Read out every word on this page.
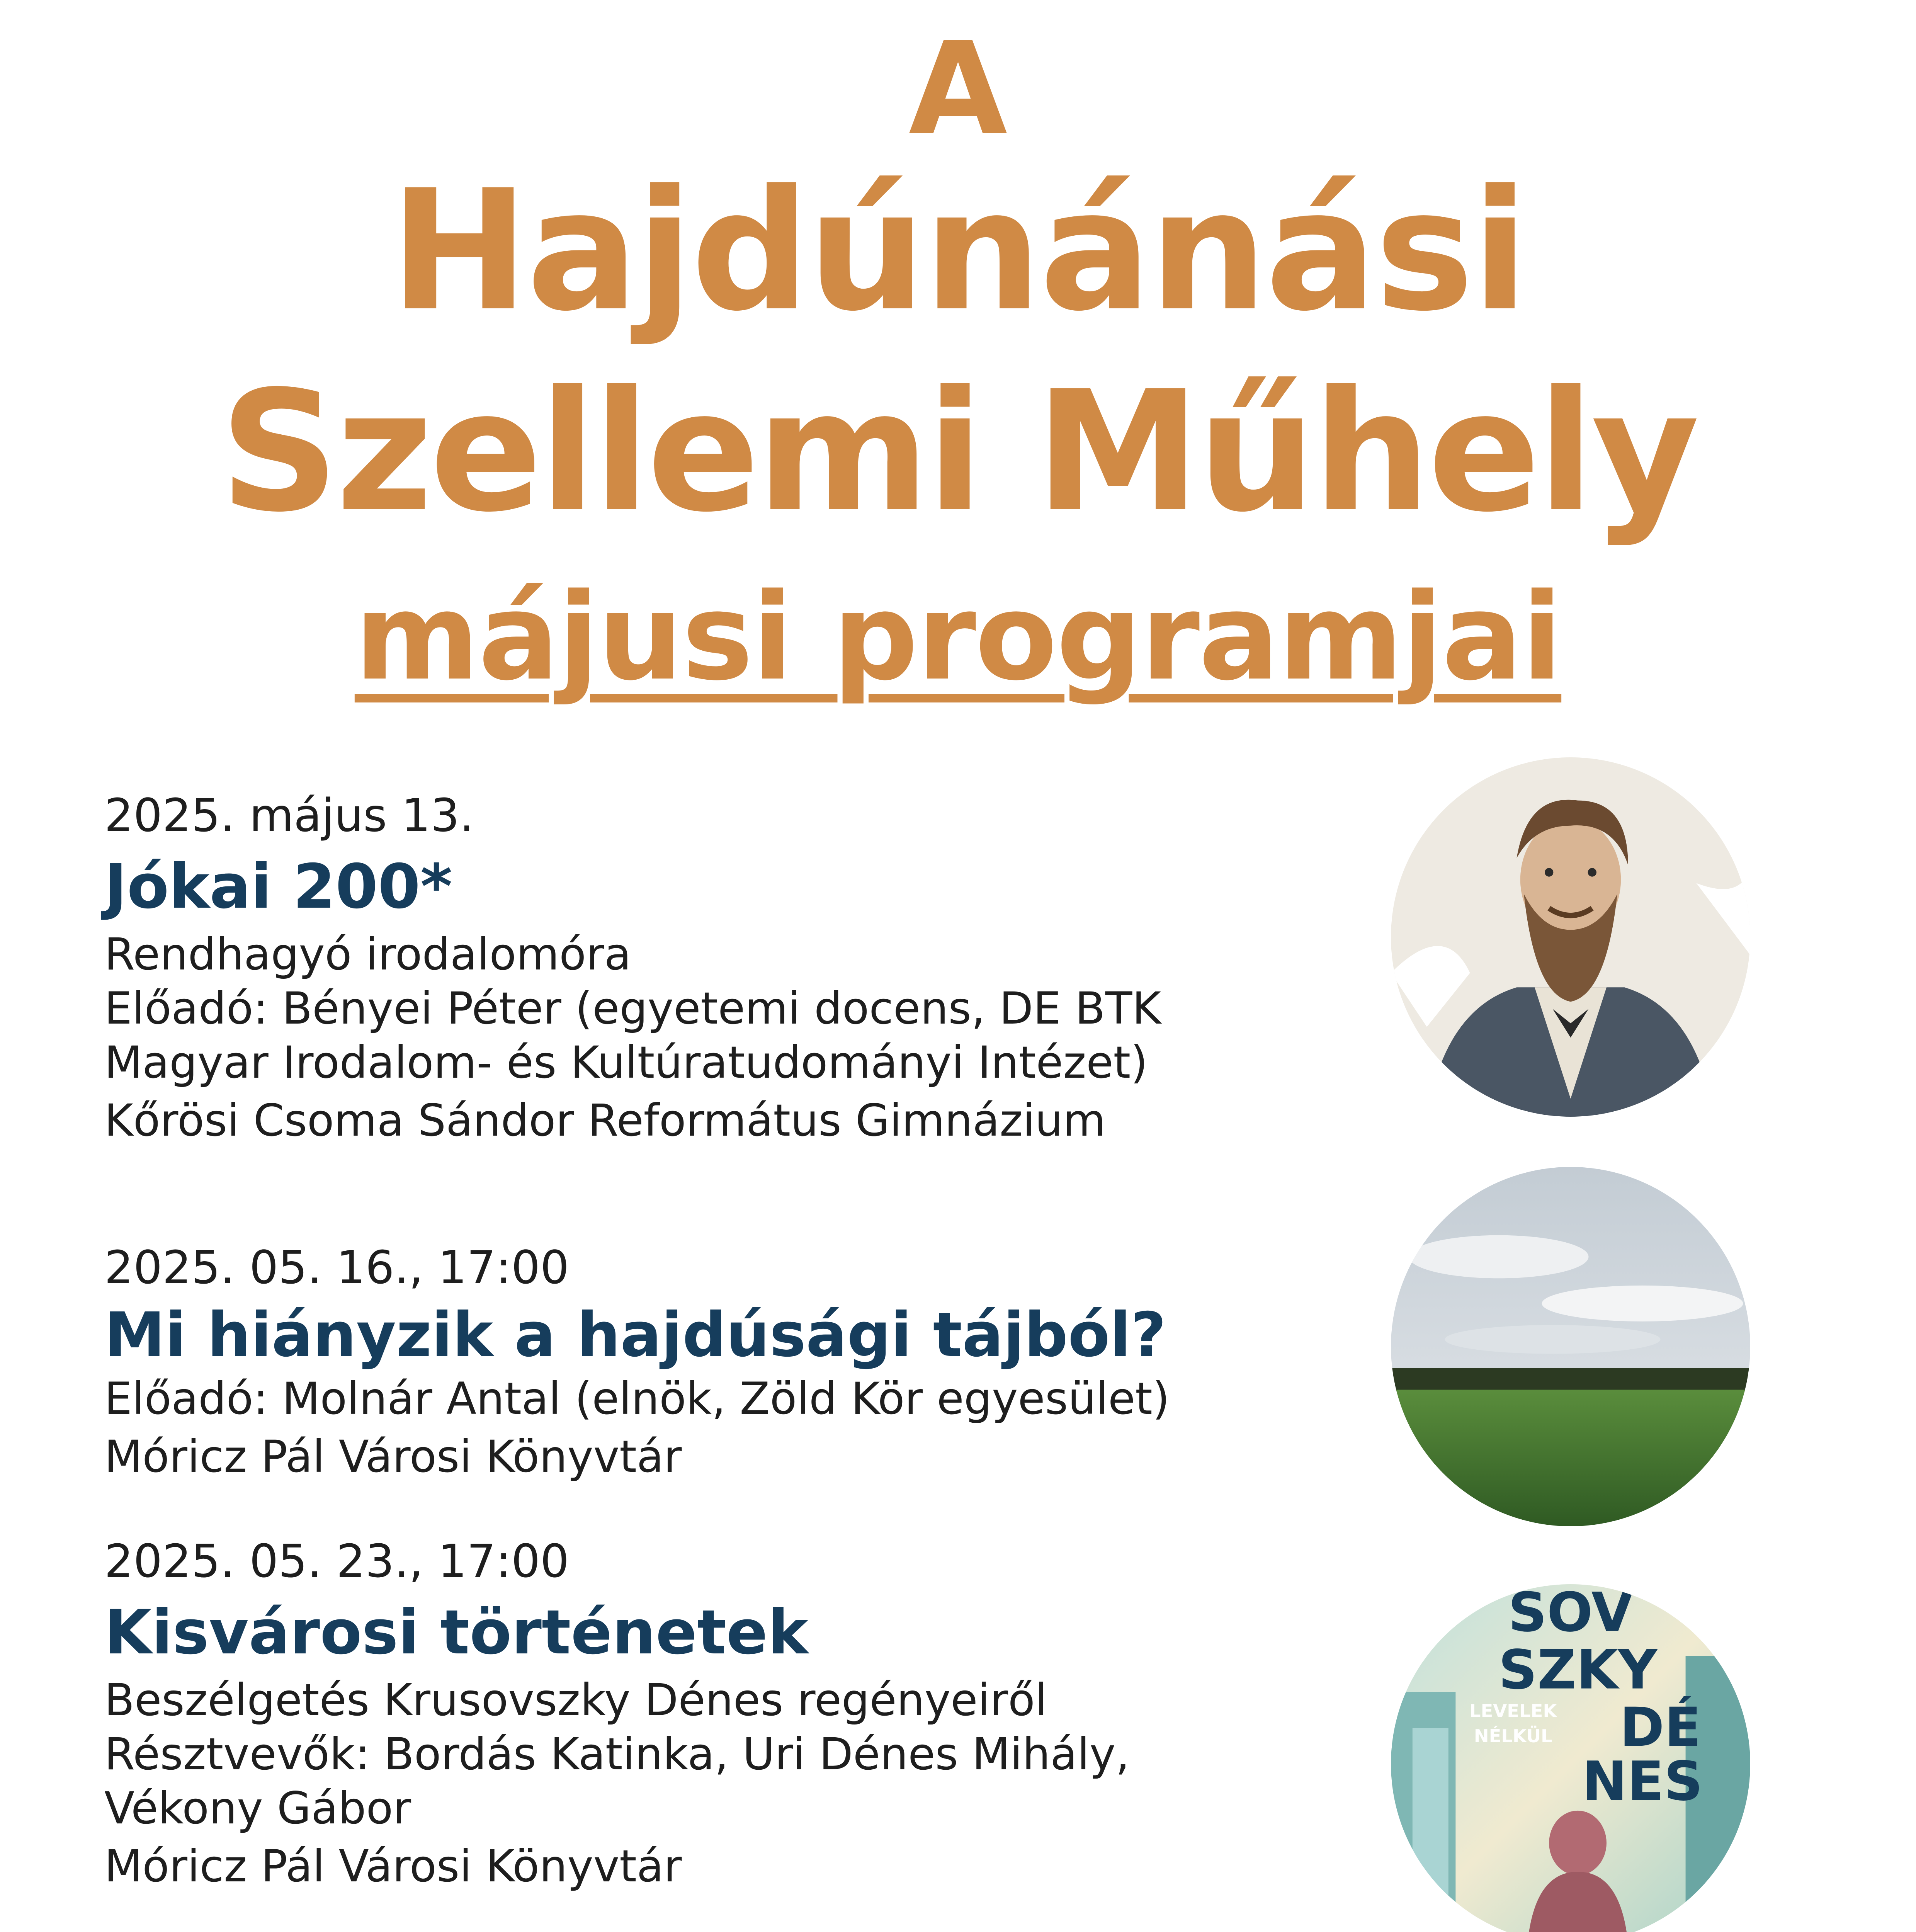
A
Hajdúnánási
Szellemi Műhely
májusi programjai
2025. május 13.
Jókai 200*
Rendhagyó irodalomóra
Előadó: Bényei Péter (egyetemi docens, DE BTK
Magyar Irodalom- és Kultúratudományi Intézet)
Kőrösi Csoma Sándor Református Gimnázium
2025. 05. 16., 17:00
Mi hiányzik a hajdúsági tájból?
Előadó: Molnár Antal (elnök, Zöld Kör egyesület)
Móricz Pál Városi Könyvtár
2025. 05. 23., 17:00
Kisvárosi történetek
Beszélgetés Krusovszky Dénes regényeiről
Résztvevők: Bordás Katinka, Uri Dénes Mihály,
Vékony Gábor
Móricz Pál Városi Könyvtár
SOV
SZKY
DÉ
NES
LEVELEK
NÉLKÜL
